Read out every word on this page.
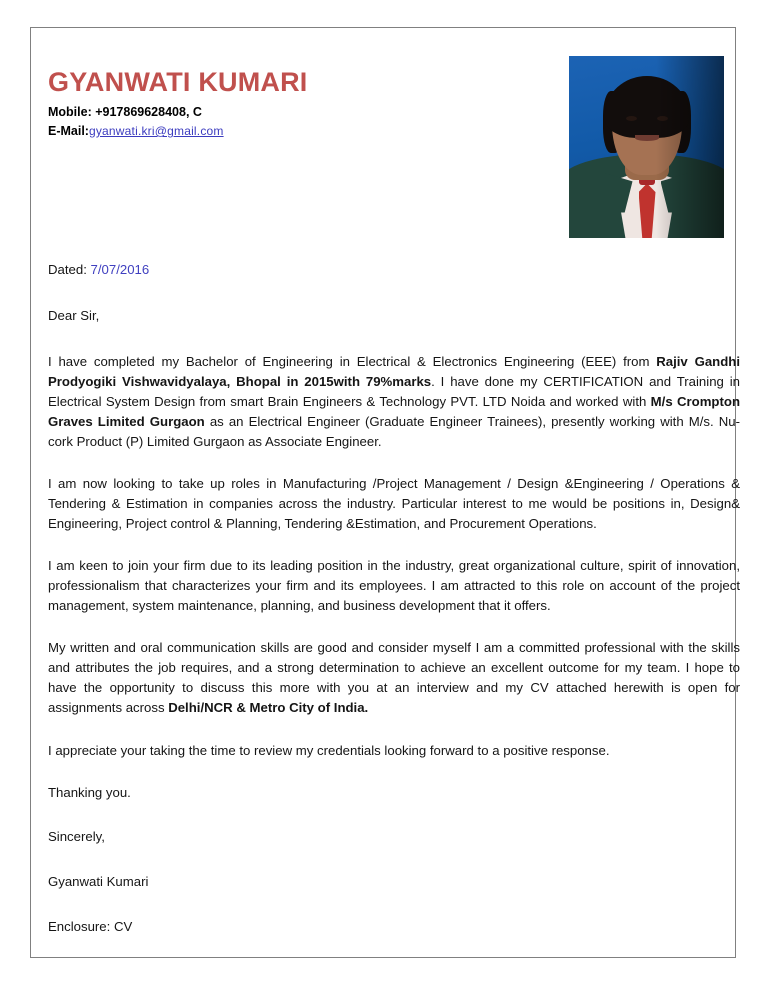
GYANWATI KUMARI
Mobile: +917869628408, C
E-Mail:gyanwati.kri@gmail.com
Dated: 7/07/2016
Dear Sir,

I have completed my Bachelor of Engineering in Electrical & Electronics Engineering (EEE) from Rajiv Gandhi Prodyogiki Vishwavidyalaya, Bhopal in 2015with 79%marks. I have done my CERTIFICATION and Training in Electrical System Design from smart Brain Engineers & Technology PVT. LTD Noida and worked with M/s Crompton Graves Limited Gurgaon as an Electrical Engineer (Graduate Engineer Trainees), presently working with M/s. Nu-cork Product (P) Limited Gurgaon as Associate Engineer.

I am now looking to take up roles in Manufacturing /Project Management / Design &Engineering / Operations & Tendering & Estimation in companies across the industry. Particular interest to me would be positions in, Design& Engineering, Project control & Planning, Tendering &Estimation, and Procurement Operations.

I am keen to join your firm due to its leading position in the industry, great organizational culture, spirit of innovation, professionalism that characterizes your firm and its employees. I am attracted to this role on account of the project management, system maintenance, planning, and business development that it offers.

My written and oral communication skills are good and consider myself I am a committed professional with the skills and attributes the job requires, and a strong determination to achieve an excellent outcome for my team. I hope to have the opportunity to discuss this more with you at an interview and my CV attached herewith is open for assignments across Delhi/NCR & Metro City of India.

I appreciate your taking the time to review my credentials looking forward to a positive response.

Thanking you.
Sincerely,
Gyanwati Kumari
Enclosure: CV
